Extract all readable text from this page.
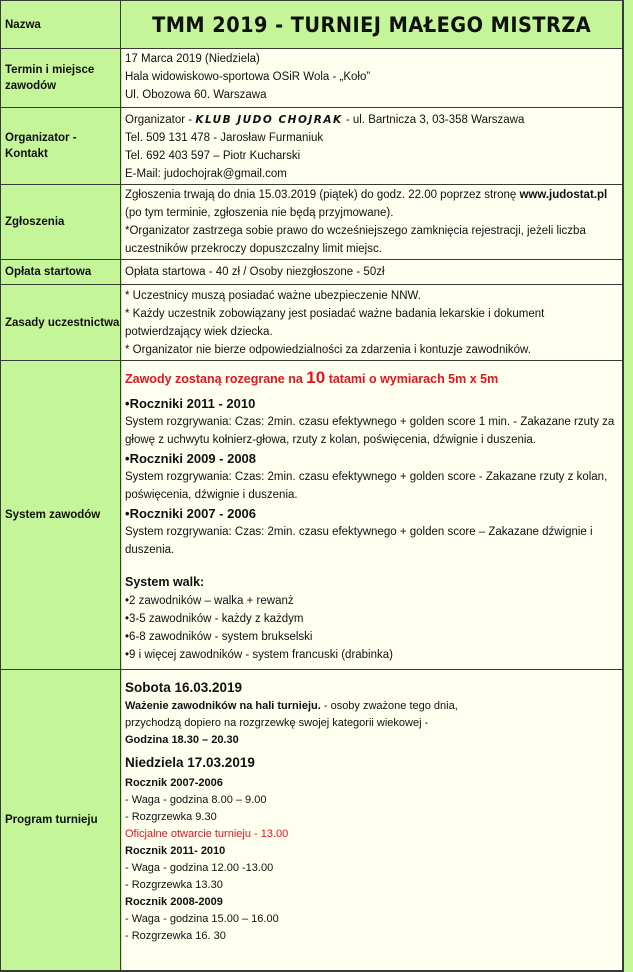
Nazwa	TMM 2019 - TURNIEJ MAŁEGO MISTRZA
Termin i miejsce zawodów
17 Marca 2019 (Niedziela)
Hala widowiskowo-sportowa OSiR Wola - „Koło”
Ul. Obozowa 60. Warszawa
Organizator - Kontakt
Organizator - KLUB JUDO CHOJRAK - ul. Bartnicza 3, 03-358 Warszawa
Tel. 509 131 478 - Jarosław Furmaniuk
Tel. 692 403 597 – Piotr Kucharski
E-Mail: judochojrak@gmail.com
Zgłoszenia
Zgłoszenia trwają do dnia 15.03.2019 (piątek) do godz. 22.00 poprzez stronę www.judostat.pl
(po tym terminie, zgłoszenia nie będą przyjmowane).
*Organizator zastrzega sobie prawo do wcześniejszego zamknięcia rejestracji, jeżeli liczba
uczestników przekroczy dopuszczalny limit miejsc.
Opłata startowa	Opłata startowa - 40 zł / Osoby niezgłoszone - 50zł
Zasady uczestnictwa
* Uczestnicy muszą posiadać ważne ubezpieczenie NNW.
* Każdy uczestnik zobowiązany jest posiadać ważne badania lekarskie i dokument
potwierdzający wiek dziecka.
* Organizator nie bierze odpowiedzialności za zdarzenia i kontuzje zawodników.
System zawodów
Zawody zostaną rozegrane na 10 tatami o wymiarach 5m x 5m
• Roczniki 2011 - 2010
System rozgrywania: Czas: 2min. czasu efektywnego + golden score 1 min. - Zakazane rzuty za
głowę z uchwytu kołnierz-głowa, rzuty z kolan, poświęcenia, dźwignie i duszenia.
• Roczniki 2009 - 2008
System rozgrywania: Czas: 2min. czasu efektywnego + golden score - Zakazane rzuty z kolan,
poświęcenia, dźwignie i duszenia.
• Roczniki 2007 - 2006
System rozgrywania: Czas: 2min. czasu efektywnego + golden score – Zakazane dźwignie i
duszenia.
System walk:
• 2 zawodników – walka + rewanż
• 3-5 zawodników - każdy z każdym
• 6-8 zawodników - system brukselski
• 9 i więcej zawodników - system francuski (drabinka)
Program turnieju
Sobota 16.03.2019
Ważenie zawodników na hali turnieju. - osoby zważone tego dnia,
przychodzą dopiero na rozgrzewkę swojej kategorii wiekowej -
Godzina 18.30 – 20.30
Niedziela 17.03.2019
Rocznik 2007-2006
- Waga - godzina 8.00 – 9.00
- Rozgrzewka 9.30
Oficjalne otwarcie turnieju - 13.00
Rocznik 2011- 2010
- Waga - godzina 12.00 -13.00
- Rozgrzewka 13.30
Rocznik 2008-2009
- Waga - godzina 15.00 – 16.00
- Rozgrzewka 16. 30
